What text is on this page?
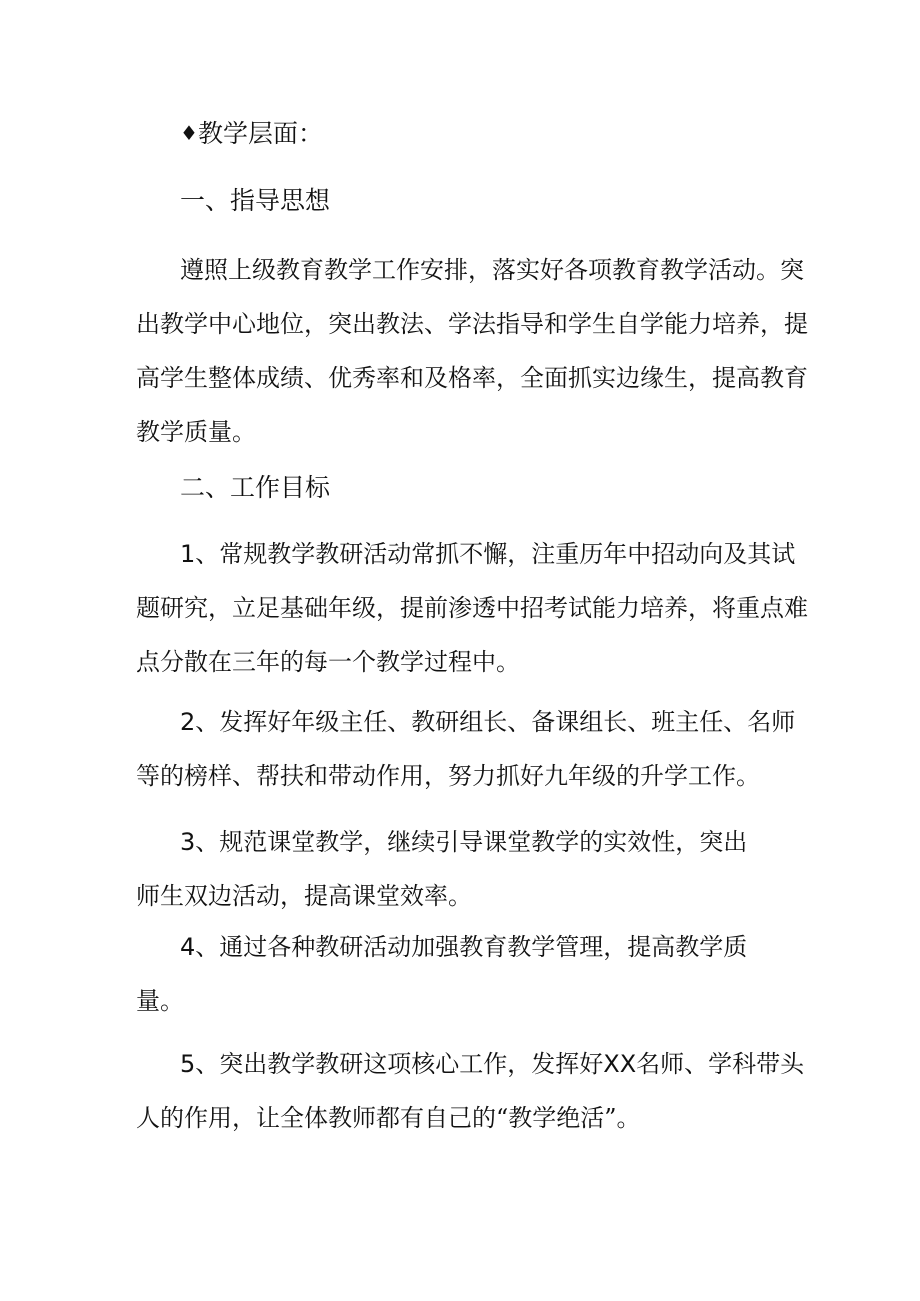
♦教学层面：
一、指导思想
遵照上级教育教学工作安排，落实好各项教育教学活动。突
出教学中心地位，突出教法、学法指导和学生自学能力培养，提
高学生整体成绩、优秀率和及格率，全面抓实边缘生，提高教育
教学质量。
二、工作目标
1、常规教学教研活动常抓不懈，注重历年中招动向及其试
题研究，立足基础年级，提前渗透中招考试能力培养，将重点难
点分散在三年的每一个教学过程中。
2、发挥好年级主任、教研组长、备课组长、班主任、名师
等的榜样、帮扶和带动作用，努力抓好九年级的升学工作。
3、规范课堂教学，继续引导课堂教学的实效性，突出
师生双边活动，提高课堂效率。
4、通过各种教研活动加强教育教学管理，提高教学质
量。
5、突出教学教研这项核心工作，发挥好XX名师、学科带头
人的作用，让全体教师都有自己的“教学绝活”。
